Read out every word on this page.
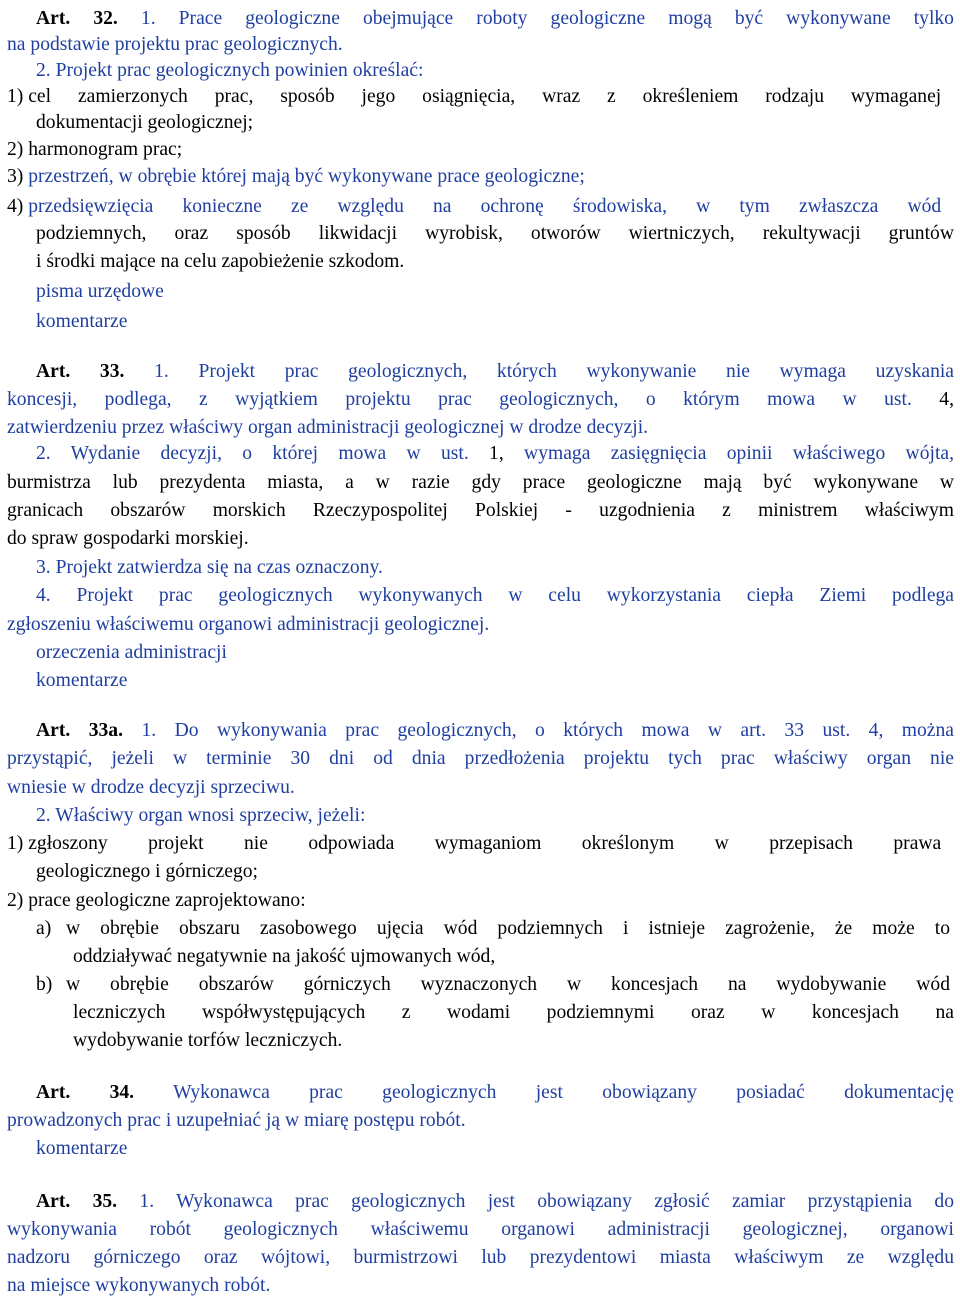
Art. 32. 1. Prace geologiczne obejmujące roboty geologiczne mogą być wykonywane tylko
na podstawie projektu prac geologicznych.
2. Projekt prac geologicznych powinien określać:
1) cel zamierzonych prac, sposób jego osiągnięcia, wraz z określeniem rodzaju wymaganej
dokumentacji geologicznej;
2) harmonogram prac;
3) przestrzeń, w obrębie której mają być wykonywane prace geologiczne;
4) przedsięwzięcia konieczne ze względu na ochronę środowiska, w tym zwłaszcza wód
podziemnych, oraz sposób likwidacji wyrobisk, otworów wiertniczych, rekultywacji gruntów
i środki mające na celu zapobieżenie szkodom.
pisma urzędowe
komentarze
Art. 33. 1. Projekt prac geologicznych, których wykonywanie nie wymaga uzyskania
koncesji, podlega, z wyjątkiem projektu prac geologicznych, o którym mowa w ust. 4,
zatwierdzeniu przez właściwy organ administracji geologicznej w drodze decyzji.
2. Wydanie decyzji, o której mowa w ust. 1, wymaga zasięgnięcia opinii właściwego wójta,
burmistrza lub prezydenta miasta, a w razie gdy prace geologiczne mają być wykonywane w
granicach obszarów morskich Rzeczypospolitej Polskiej - uzgodnienia z ministrem właściwym
do spraw gospodarki morskiej.
3. Projekt zatwierdza się na czas oznaczony.
4. Projekt prac geologicznych wykonywanych w celu wykorzystania ciepła Ziemi podlega
zgłoszeniu właściwemu organowi administracji geologicznej.
orzeczenia administracji
komentarze
Art. 33a. 1. Do wykonywania prac geologicznych, o których mowa w art. 33 ust. 4, można
przystąpić, jeżeli w terminie 30 dni od dnia przedłożenia projektu tych prac właściwy organ nie
wniesie w drodze decyzji sprzeciwu.
2. Właściwy organ wnosi sprzeciw, jeżeli:
1) zgłoszony projekt nie odpowiada wymaganiom określonym w przepisach prawa
geologicznego i górniczego;
2) prace geologiczne zaprojektowano:
a) w obrębie obszaru zasobowego ujęcia wód podziemnych i istnieje zagrożenie, że może to
oddziaływać negatywnie na jakość ujmowanych wód,
b) w obrębie obszarów górniczych wyznaczonych w koncesjach na wydobywanie wód
leczniczych współwystępujących z wodami podziemnymi oraz w koncesjach na
wydobywanie torfów leczniczych.
Art. 34. Wykonawca prac geologicznych jest obowiązany posiadać dokumentację
prowadzonych prac i uzupełniać ją w miarę postępu robót.
komentarze
Art. 35. 1. Wykonawca prac geologicznych jest obowiązany zgłosić zamiar przystąpienia do
wykonywania robót geologicznych właściwemu organowi administracji geologicznej, organowi
nadzoru górniczego oraz wójtowi, burmistrzowi lub prezydentowi miasta właściwym ze względu
na miejsce wykonywanych robót.
